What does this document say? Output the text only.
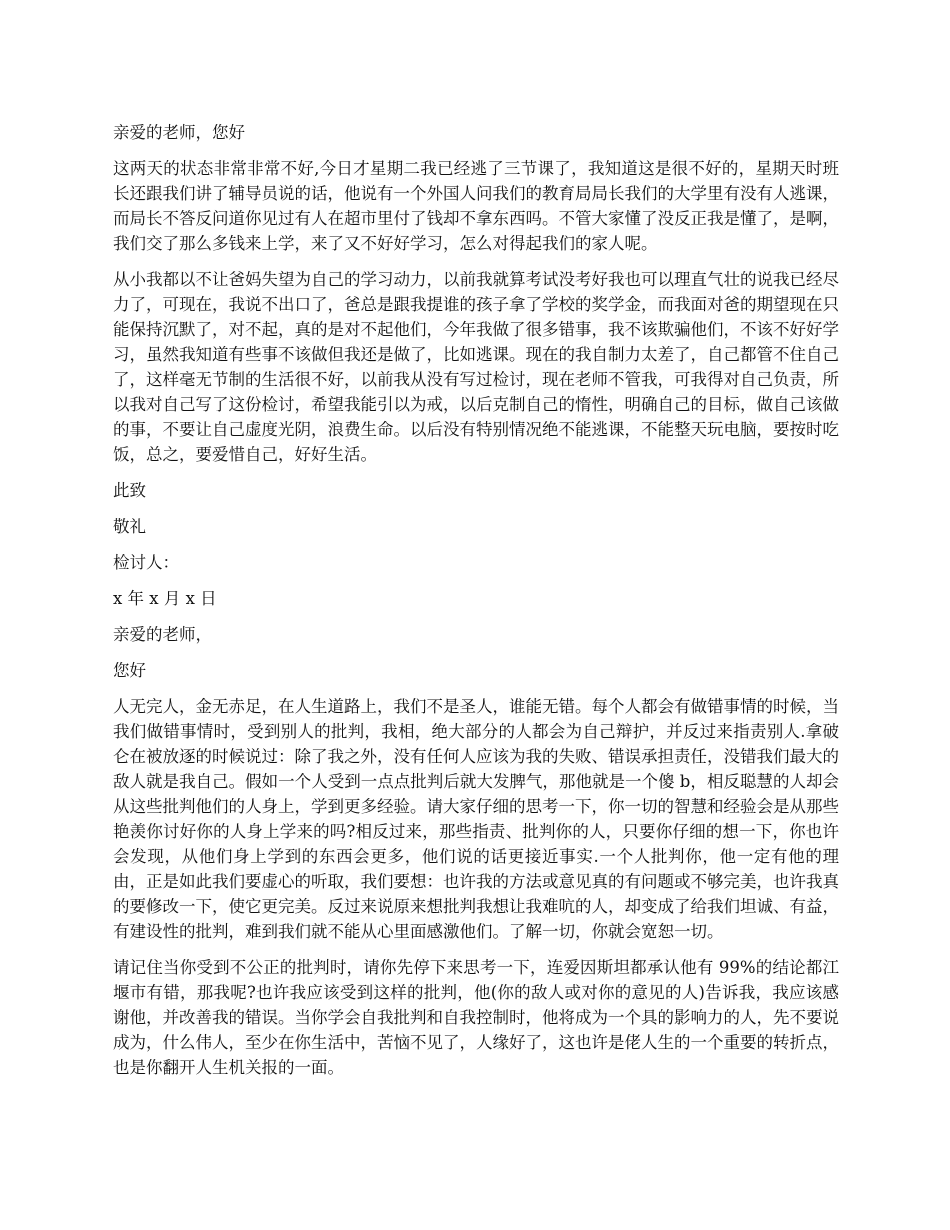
亲爱的老师，您好

这两天的状态非常非常不好,今日才星期二我已经逃了三节课了，我知道这是很不好的，星期天时班长还跟我们讲了辅导员说的话，他说有一个外国人问我们的教育局局长我们的大学里有没有人逃课，而局长不答反问道你见过有人在超市里付了钱却不拿东西吗。不管大家懂了没反正我是懂了，是啊，我们交了那么多钱来上学，来了又不好好学习，怎么对得起我们的家人呢。

从小我都以不让爸妈失望为自己的学习动力，以前我就算考试没考好我也可以理直气壮的说我已经尽力了，可现在，我说不出口了，爸总是跟我提谁的孩子拿了学校的奖学金，而我面对爸的期望现在只能保持沉默了，对不起，真的是对不起他们，今年我做了很多错事，我不该欺骗他们，不该不好好学习，虽然我知道有些事不该做但我还是做了，比如逃课。现在的我自制力太差了，自己都管不住自己了，这样毫无节制的生活很不好，以前我从没有写过检讨，现在老师不管我，可我得对自己负责，所以我对自己写了这份检讨，希望我能引以为戒，以后克制自己的惰性，明确自己的目标，做自己该做的事，不要让自己虚度光阴，浪费生命。以后没有特别情况绝不能逃课，不能整天玩电脑，要按时吃饭，总之，要爱惜自己，好好生活。

此致

敬礼

检讨人：

x 年 x 月 x 日

亲爱的老师，

您好

人无完人，金无赤足，在人生道路上，我们不是圣人，谁能无错。每个人都会有做错事情的时候，当我们做错事情时，受到别人的批判，我相，绝大部分的人都会为自己辩护，并反过来指责别人.拿破仑在被放逐的时候说过：除了我之外，没有任何人应该为我的失败、错误承担责任，没错我们最大的敌人就是我自己。假如一个人受到一点点批判后就大发脾气，那他就是一个傻 b，相反聪慧的人却会从这些批判他们的人身上，学到更多经验。请大家仔细的思考一下，你一切的智慧和经验会是从那些艳羡你讨好你的人身上学来的吗?相反过来，那些指责、批判你的人，只要你仔细的想一下，你也许会发现，从他们身上学到的东西会更多，他们说的话更接近事实.一个人批判你，他一定有他的理由，正是如此我们要虚心的听取，我们要想：也许我的方法或意见真的有问题或不够完美，也许我真的要修改一下，使它更完美。反过来说原来想批判我想让我难吭的人，却变成了给我们坦诚、有益，有建设性的批判，难到我们就不能从心里面感激他们。了解一切，你就会宽恕一切。

请记住当你受到不公正的批判时，请你先停下来思考一下，连爱因斯坦都承认他有 99%的结论都江堰市有错，那我呢?也许我应该受到这样的批判，他(你的敌人或对你的意见的人)告诉我，我应该感谢他，并改善我的错误。当你学会自我批判和自我控制时，他将成为一个具的影响力的人，先不要说成为，什么伟人，至少在你生活中，苦恼不见了，人缘好了，这也许是佬人生的一个重要的转折点，也是你翻开人生机关报的一面。
